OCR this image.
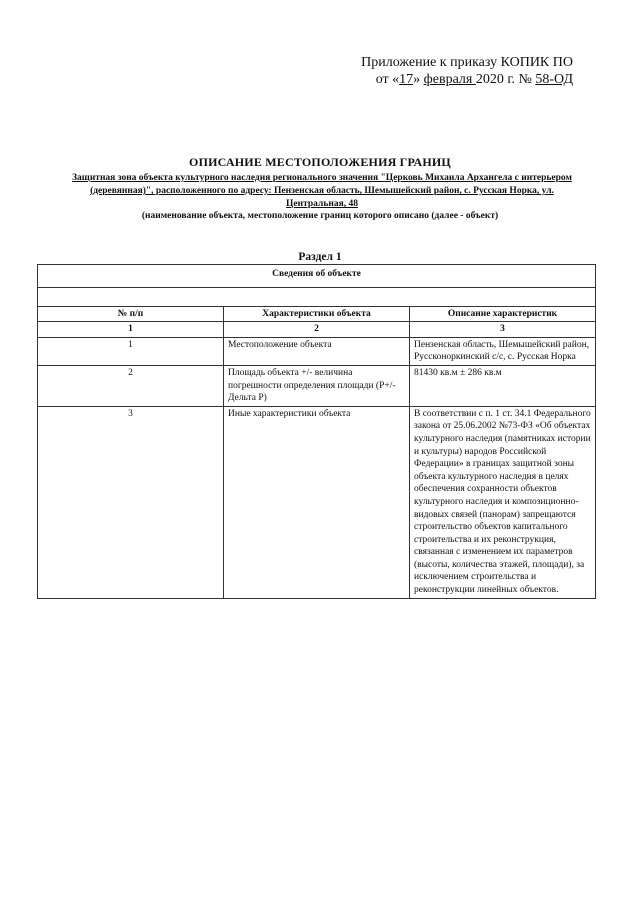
Приложение к приказу КОПИК ПО
от «17» февраля 2020 г. № 58-ОД
ОПИСАНИЕ МЕСТОПОЛОЖЕНИЯ ГРАНИЦ
Защитная зона объекта культурного наследия регионального значения "Церковь Михаила Архангела с интерьером (деревянная)", расположенного по адресу: Пензенская область, Шемышейский район, с. Русская Норка, ул. Центральная, 48
(наименование объекта, местоположение границ которого описано (далее - объект)
Раздел 1
Сведения об объекте		

№ п/п	Характеристики объекта	Описание характеристик
1	2	3
1	Местоположение объекта	Пензенская область, Шемышейский район, Руссконоркинский с/с, с. Русская Норка
2	Площадь объекта +/- величина погрешности определения площади (Р+/- Дельта Р)	81430 кв.м ± 286 кв.м
3	Иные характеристики объекта	В соответствии с п. 1 ст. 34.1 Федерального закона от 25.06.2002 №73-ФЗ «Об объектах культурного наследия (памятниках истории и культуры) народов Российской Федерации» в границах защитной зоны объекта культурного наследия в целях обеспечения сохранности объектов культурного наследия и композиционно-видовых связей (панорам) запрещаются строительство объектов капитального строительства и их реконструкция, связанная с изменением их параметров (высоты, количества этажей, площади), за исключением строительства и реконструкции линейных объектов.
